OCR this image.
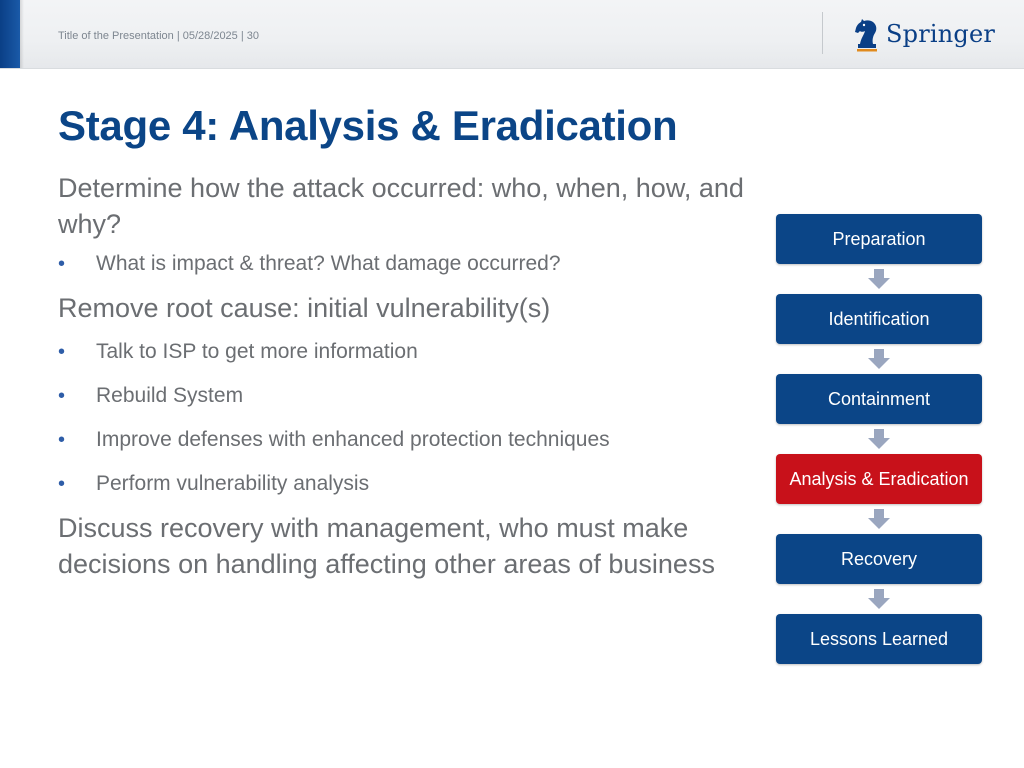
Title of the Presentation | 05/28/2025 | 30	Springer
Stage 4: Analysis & Eradication

Determine how the attack occurred: who, when, how, and why?

• What is impact & threat? What damage occurred?

Remove root cause: initial vulnerability(s)

• Talk to ISP to get more information

• Rebuild System

• Improve defenses with enhanced protection techniques

• Perform vulnerability analysis

Discuss recovery with management, who must make decisions on handling affecting other areas of business

Preparation
Identification
Containment
Analysis & Eradication
Recovery
Lessons Learned
